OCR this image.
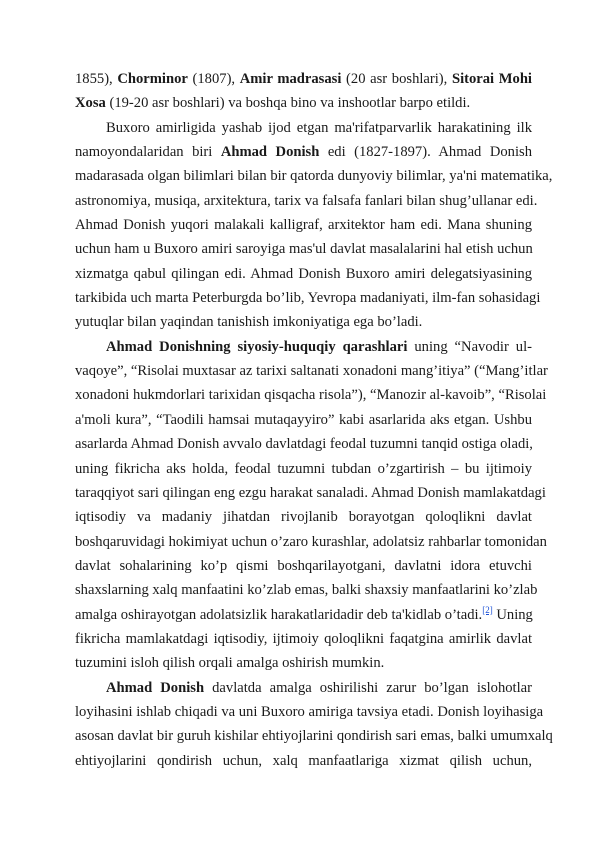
1855), Chorminor (1807), Amir madrasasi (20 asr boshlari), Sitorai Mohi
Xosa (19-20 asr boshlari) va boshqa bino va inshootlar barpo etildi.
Buxoro amirligida yashab ijod etgan ma'rifatparvarlik harakatining ilk
namoyondalaridan biri Ahmad Donish edi (1827-1897). Ahmad Donish
madarasada olgan bilimlari bilan bir qatorda dunyoviy bilimlar, ya'ni matematika,
astronomiya, musiqa, arxitektura, tarix va falsafa fanlari bilan shug’ullanar edi.
Ahmad Donish yuqori malakali kalligraf, arxitektor ham edi. Mana shuning
uchun ham u Buxoro amiri saroyiga mas'ul davlat masalalarini hal etish uchun
xizmatga qabul qilingan edi. Ahmad Donish Buxoro amiri delegatsiyasining
tarkibida uch marta Peterburgda bo’lib, Yevropa madaniyati, ilm-fan sohasidagi
yutuqlar bilan yaqindan tanishish imkoniyatiga ega bo’ladi.
Ahmad Donishning siyosiy-huquqiy qarashlari uning “Navodir ul-
vaqoye”, “Risolai muxtasar az tarixi saltanati xonadoni mang’itiya” (“Mang’itlar
xonadoni hukmdorlari tarixidan qisqacha risola”), “Manozir al-kavoib”, “Risolai
a'moli kura”, “Taodili hamsai mutaqayyiro” kabi asarlarida aks etgan. Ushbu
asarlarda Ahmad Donish avvalo davlatdagi feodal tuzumni tanqid ostiga oladi,
uning fikricha aks holda, feodal tuzumni tubdan o’zgartirish – bu ijtimoiy
taraqqiyot sari qilingan eng ezgu harakat sanaladi. Ahmad Donish mamlakatdagi
iqtisodiy va madaniy jihatdan rivojlanib borayotgan qoloqlikni davlat
boshqaruvidagi hokimiyat uchun o’zaro kurashlar, adolatsiz rahbarlar tomonidan
davlat sohalarining ko’p qismi boshqarilayotgani, davlatni idora etuvchi
shaxslarning xalq manfaatini ko’zlab emas, balki shaxsiy manfaatlarini ko’zlab
amalga oshirayotgan adolatsizlik harakatlaridadir deb ta'kidlab o’tadi.[2] Uning
fikricha mamlakatdagi iqtisodiy, ijtimoiy qoloqlikni faqatgina amirlik davlat
tuzumini isloh qilish orqali amalga oshirish mumkin.
Ahmad Donish davlatda amalga oshirilishi zarur bo’lgan islohotlar
loyihasini ishlab chiqadi va uni Buxoro amiriga tavsiya etadi. Donish loyihasiga
asosan davlat bir guruh kishilar ehtiyojlarini qondirish sari emas, balki umumxalq
ehtiyojlarini qondirish uchun, xalq manfaatlariga xizmat qilish uchun,
